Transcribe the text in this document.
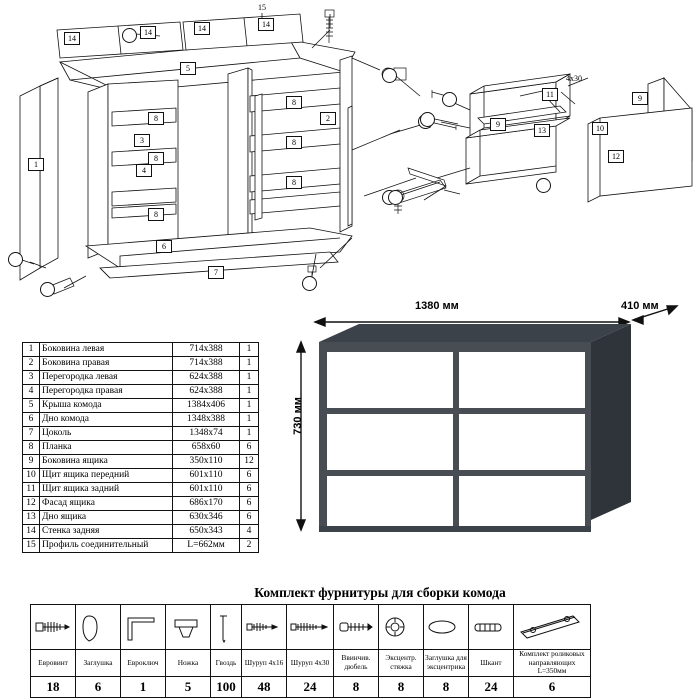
14
14	14	14
15
5
1
3
4
8
8
8
8
8
8
2
6
7
11	9
9	10
13
12
4х30
1	Боковина левая	714x388	1
2	Боковина правая	714x388	1
3	Перегородка левая	624x388	1
4	Перегородка правая	624x388	1
5	Крыша комода	1384x406	1
6	Дно комода	1348x388	1
7	Цоколь	1348x74	1
8	Планка	658x60	6
9	Боковина ящика	350x110	12
10	Щит ящика передний	601x110	6
11	Щит ящика задний	601x110	6
12	Фасад ящика	686x170	6
13	Дно ящика	630x346	6
14	Стенка задняя	650x343	4
15	Профиль соединительный	L=662мм	2
1380 мм	410 мм
730 мм
Комплект фурнитуры для сборки комода

Евровинт	Заглушка	Евроключ	Ножка	Гвоздь	Шуруп 4х16	Шуруп 4х30	Ввинчив. дюбель	Эксцентр. стяжка	Заглушка для эксцентрика	Шкант	Комплект роликовых направляющих L=350мм
18	6	1	5	100	48	24	8	8	8	24	6
